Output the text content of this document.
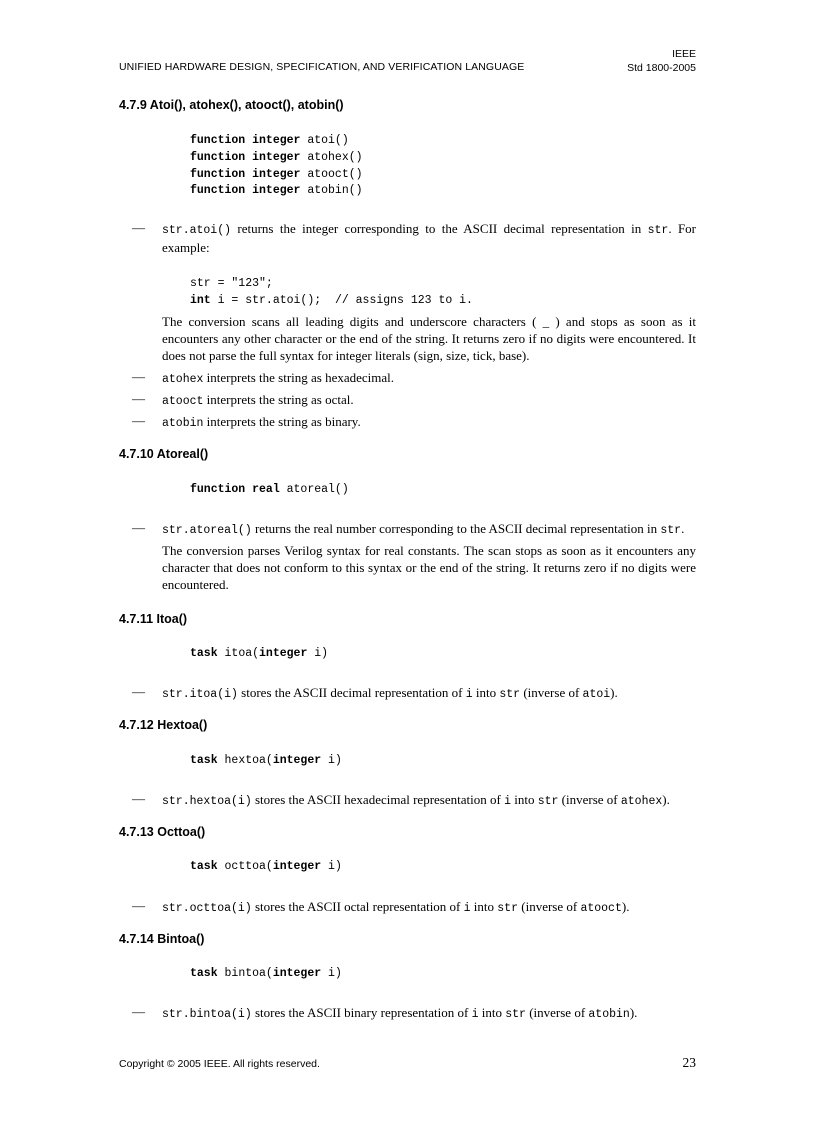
UNIFIED HARDWARE DESIGN, SPECIFICATION, AND VERIFICATION LANGUAGE
IEEE
Std 1800-2005
4.7.9 Atoi(), atohex(), atooct(), atobin()
function integer atoi()
function integer atohex()
function integer atooct()
function integer atobin()
— str.atoi() returns the integer corresponding to the ASCII decimal representation in str. For example:
str = "123";
int i = str.atoi();  // assigns 123 to i.
The conversion scans all leading digits and underscore characters ( _ ) and stops as soon as it encounters any other character or the end of the string. It returns zero if no digits were encountered. It does not parse the full syntax for integer literals (sign, size, tick, base).
— atohex interprets the string as hexadecimal.
— atooct interprets the string as octal.
— atobin interprets the string as binary.
4.7.10 Atoreal()
function real atoreal()
— str.atoreal() returns the real number corresponding to the ASCII decimal representation in str.
The conversion parses Verilog syntax for real constants. The scan stops as soon as it encounters any character that does not conform to this syntax or the end of the string. It returns zero if no digits were encountered.
4.7.11 Itoa()
task itoa(integer i)
— str.itoa(i) stores the ASCII decimal representation of i into str (inverse of atoi).
4.7.12 Hextoa()
task hextoa(integer i)
— str.hextoa(i) stores the ASCII hexadecimal representation of i into str (inverse of atohex).
4.7.13 Octtoa()
task octtoa(integer i)
— str.octtoa(i) stores the ASCII octal representation of i into str (inverse of atooct).
4.7.14 Bintoa()
task bintoa(integer i)
— str.bintoa(i) stores the ASCII binary representation of i into str (inverse of atobin).
Copyright © 2005 IEEE. All rights reserved.	23
